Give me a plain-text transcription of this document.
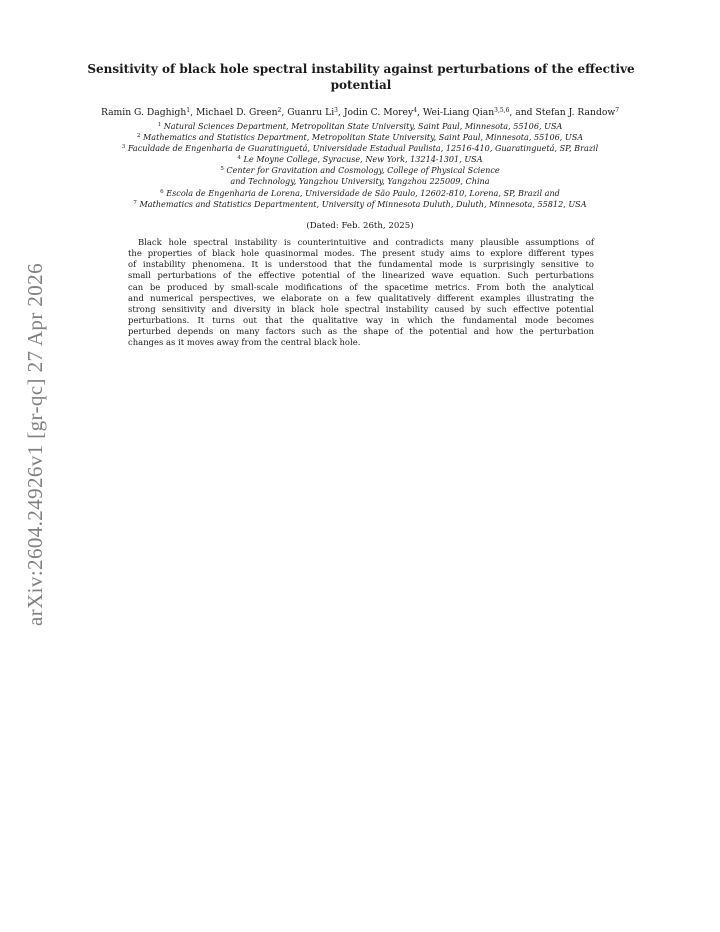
arXiv:2604.24926v1 [gr-qc] 27 Apr 2026
Sensitivity of black hole spectral instability against perturbations of the effective
potential
Ramin G. Daghigh$^1$, Michael D. Green$^2$, Guanru Li$^3$, Jodin C. Morey$^4$, Wei-Liang Qian$^{3,5,6}$, and Stefan J. Randow$^7$
$^1$ Natural Sciences Department, Metropolitan State University, Saint Paul, Minnesota, 55106, USA
$^2$ Mathematics and Statistics Department, Metropolitan State University, Saint Paul, Minnesota, 55106, USA
$^3$ Faculdade de Engenharia de Guaratinguetá, Universidade Estadual Paulista, 12516-410, Guaratinguetá, SP, Brazil
$^4$ Le Moyne College, Syracuse, New York, 13214-1301, USA
$^5$ Center for Gravitation and Cosmology, College of Physical Science
and Technology, Yangzhou University, Yangzhou 225009, China
$^6$ Escola de Engenharia de Lorena, Universidade de São Paulo, 12602-810, Lorena, SP, Brazil and
$^7$ Mathematics and Statistics Departmentent, University of Minnesota Duluth, Duluth, Minnesota, 55812, USA
(Dated: Feb. 26th, 2025)
Black hole spectral instability is counterintuitive and contradicts many plausible assumptions of
the properties of black hole quasinormal modes. The present study aims to explore different types
of instability phenomena. It is understood that the fundamental mode is surprisingly sensitive to
small perturbations of the effective potential of the linearized wave equation. Such perturbations
can be produced by small-scale modifications of the spacetime metrics. From both the analytical
and numerical perspectives, we elaborate on a few qualitatively different examples illustrating the
strong sensitivity and diversity in black hole spectral instability caused by such effective potential
perturbations. It turns out that the qualitative way in which the fundamental mode becomes
perturbed depends on many factors such as the shape of the potential and how the perturbation
changes as it moves away from the central black hole.
